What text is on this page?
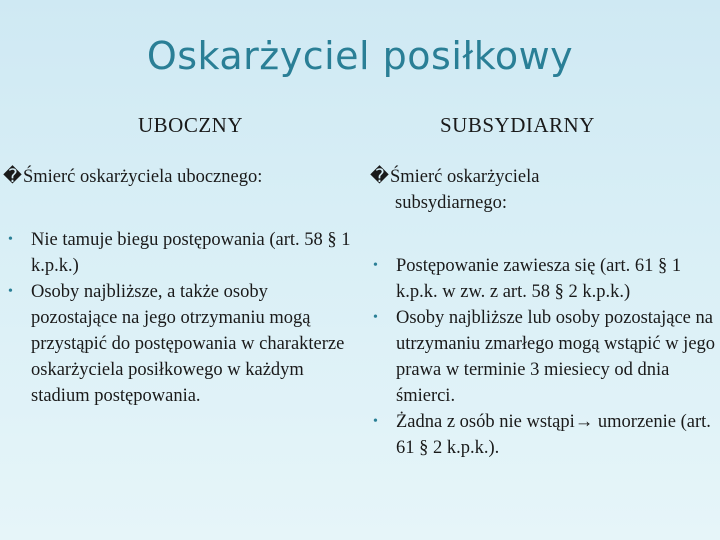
Oskarżyciel posiłkowy
UBOCZNY	SUBSYDIARNY
�Śmierć oskarżyciela ubocznego:	�Śmierć oskarżyciela
subsydiarnego:
• Nie tamuje biegu postępowania (art. 58 § 1 k.p.k.)
• Osoby najbliższe, a także osoby pozostające na jego otrzymaniu mogą przystąpić do postępowania w charakterze oskarżyciela posiłkowego w każdym stadium postępowania.
• Postępowanie zawiesza się (art. 61 § 1 k.p.k. w zw. z art. 58 § 2 k.p.k.)
• Osoby najbliższe lub osoby pozostające na utrzymaniu zmarłego mogą wstąpić w jego prawa w terminie 3 miesiecy od dnia śmierci.
• Żadna z osób nie wstąpi→ umorzenie (art. 61 § 2 k.p.k.).
